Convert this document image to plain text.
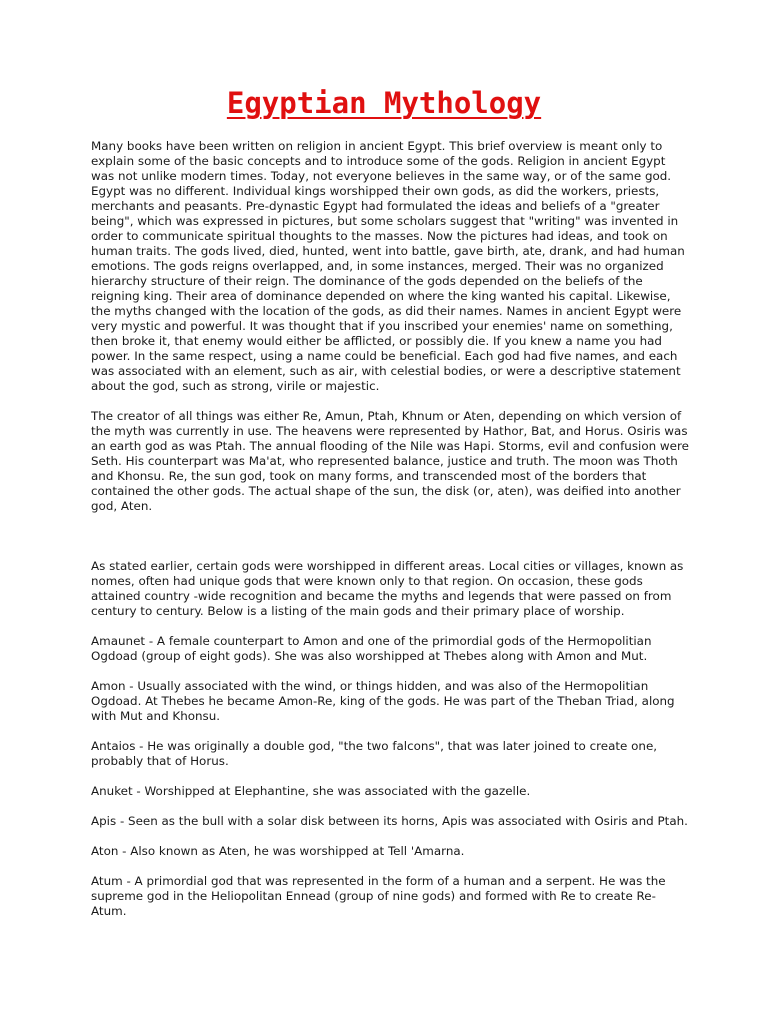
Egyptian Mythology

Many books have been written on religion in ancient Egypt. This brief overview is meant only to explain some of the basic concepts and to introduce some of the gods. Religion in ancient Egypt was not unlike modern times. Today, not everyone believes in the same way, or of the same god. Egypt was no different. Individual kings worshipped their own gods, as did the workers, priests, merchants and peasants. Pre-dynastic Egypt had formulated the ideas and beliefs of a "greater being", which was expressed in pictures, but some scholars suggest that "writing" was invented in order to communicate spiritual thoughts to the masses. Now the pictures had ideas, and took on human traits. The gods lived, died, hunted, went into battle, gave birth, ate, drank, and had human emotions. The gods reigns overlapped, and, in some instances, merged. Their was no organized hierarchy structure of their reign. The dominance of the gods depended on the beliefs of the reigning king. Their area of dominance depended on where the king wanted his capital. Likewise, the myths changed with the location of the gods, as did their names. Names in ancient Egypt were very mystic and powerful. It was thought that if you inscribed your enemies' name on something, then broke it, that enemy would either be afflicted, or possibly die. If you knew a name you had power. In the same respect, using a name could be beneficial. Each god had five names, and each was associated with an element, such as air, with celestial bodies, or were a descriptive statement about the god, such as strong, virile or majestic.

The creator of all things was either Re, Amun, Ptah, Khnum or Aten, depending on which version of the myth was currently in use. The heavens were represented by Hathor, Bat, and Horus. Osiris was an earth god as was Ptah. The annual flooding of the Nile was Hapi. Storms, evil and confusion were Seth. His counterpart was Ma'at, who represented balance, justice and truth. The moon was Thoth and Khonsu. Re, the sun god, took on many forms, and transcended most of the borders that contained the other gods. The actual shape of the sun, the disk (or, aten), was deified into another god, Aten.

As stated earlier, certain gods were worshipped in different areas. Local cities or villages, known as nomes, often had unique gods that were known only to that region. On occasion, these gods attained country -wide recognition and became the myths and legends that were passed on from century to century. Below is a listing of the main gods and their primary place of worship.

Amaunet - A female counterpart to Amon and one of the primordial gods of the Hermopolitian Ogdoad (group of eight gods). She was also worshipped at Thebes along with Amon and Mut.

Amon - Usually associated with the wind, or things hidden, and was also of the Hermopolitian Ogdoad. At Thebes he became Amon-Re, king of the gods. He was part of the Theban Triad, along with Mut and Khonsu.

Antaios - He was originally a double god, "the two falcons", that was later joined to create one, probably that of Horus.

Anuket - Worshipped at Elephantine, she was associated with the gazelle.

Apis - Seen as the bull with a solar disk between its horns, Apis was associated with Osiris and Ptah.

Aton - Also known as Aten, he was worshipped at Tell 'Amarna.

Atum - A primordial god that was represented in the form of a human and a serpent. He was the supreme god in the Heliopolitan Ennead (group of nine gods) and formed with Re to create Re-Atum.
